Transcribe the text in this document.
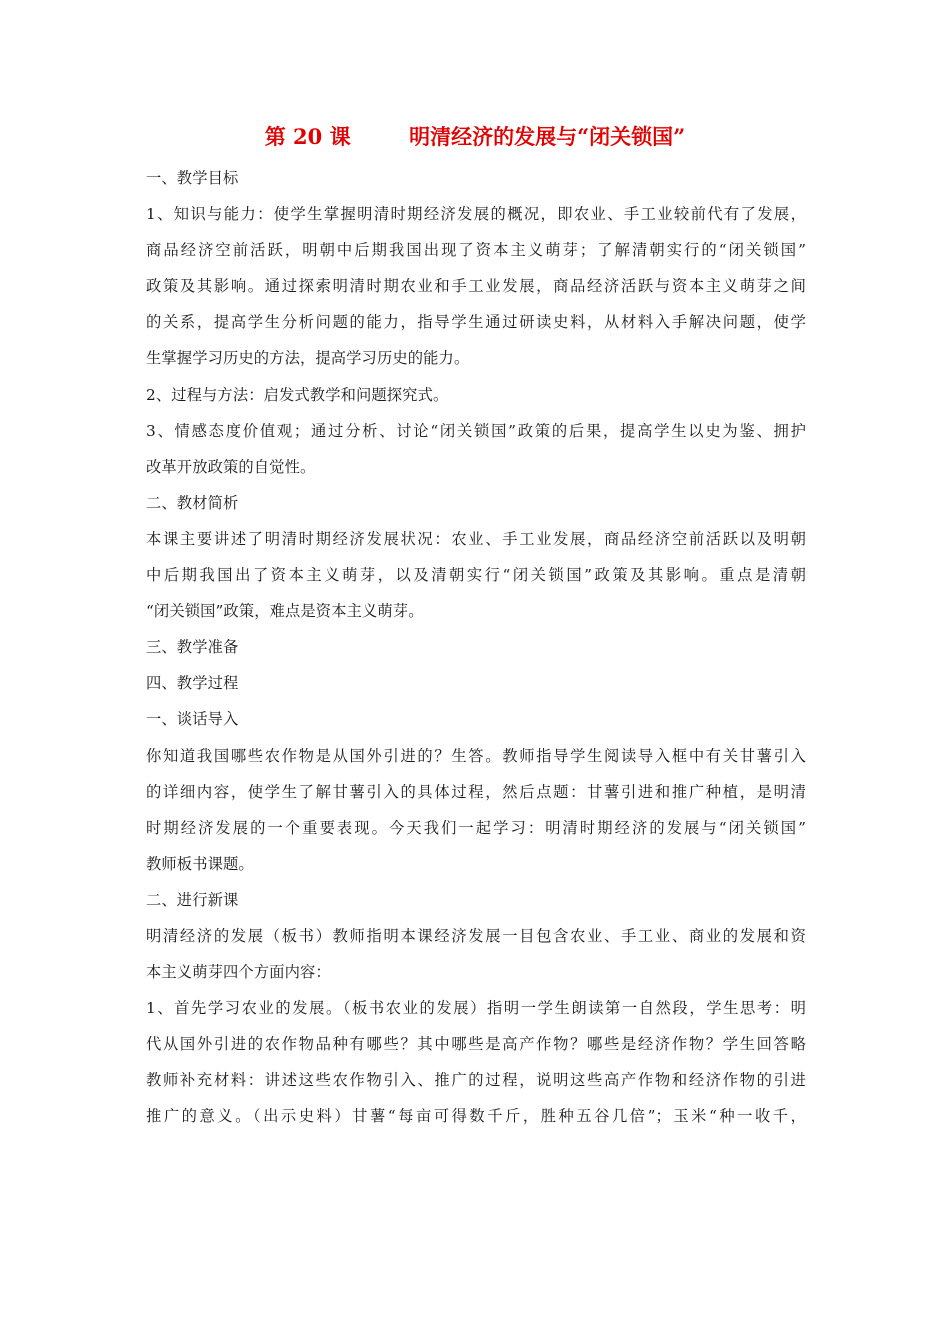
第 20 课        明清经济的发展与“闭关锁国”
一、教学目标
1、知识与能力：使学生掌握明清时期经济发展的概况，即农业、手工业较前代有了发展，
商品经济空前活跃，明朝中后期我国出现了资本主义萌芽；了解清朝实行的“闭关锁国”
政策及其影响。通过探索明清时期农业和手工业发展，商品经济活跃与资本主义萌芽之间
的关系，提高学生分析问题的能力，指导学生通过研读史料，从材料入手解决问题，使学
生掌握学习历史的方法，提高学习历史的能力。
2、过程与方法：启发式教学和问题探究式。
3、情感态度价值观；通过分析、讨论“闭关锁国”政策的后果，提高学生以史为鉴、拥护
改革开放政策的自觉性。
二、教材简析
本课主要讲述了明清时期经济发展状况：农业、手工业发展，商品经济空前活跃以及明朝
中后期我国出了资本主义萌芽，以及清朝实行“闭关锁国”政策及其影响。重点是清朝
“闭关锁国”政策，难点是资本主义萌芽。
三、教学准备
四、教学过程
一、谈话导入
你知道我国哪些农作物是从国外引进的？生答。教师指导学生阅读导入框中有关甘薯引入
的详细内容，使学生了解甘薯引入的具体过程，然后点题：甘薯引进和推广种植，是明清
时期经济发展的一个重要表现。今天我们一起学习：明清时期经济的发展与“闭关锁国”
教师板书课题。
二、进行新课
明清经济的发展（板书）教师指明本课经济发展一目包含农业、手工业、商业的发展和资
本主义萌芽四个方面内容：
1、首先学习农业的发展。（板书农业的发展）指明一学生朗读第一自然段，学生思考：明
代从国外引进的农作物品种有哪些？其中哪些是高产作物？哪些是经济作物？学生回答略
教师补充材料：讲述这些农作物引入、推广的过程，说明这些高产作物和经济作物的引进
推广的意义。（出示史料）甘薯“每亩可得数千斤，胜种五谷几倍”；玉米“种一收千，
